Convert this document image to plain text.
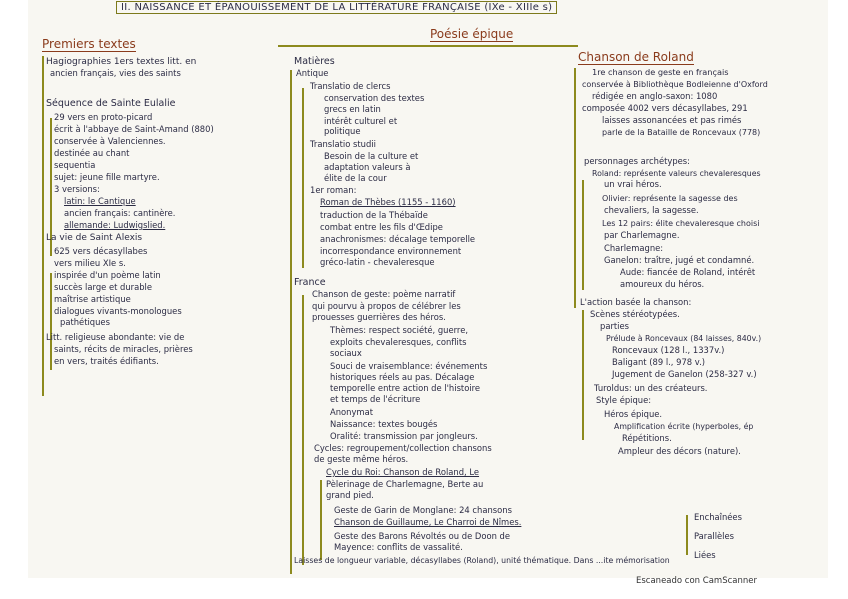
II. NAISSANCE ET ÉPANOUISSEMENT DE LA LITTÉRATURE FRANÇAISE (IXe - XIIIe s)
Premiers textes
Hagiographies 1ers textes litt. en
ancien français, vies des saints
Séquence de Sainte Eulalie
29 vers en proto-picard
écrit à l'abbaye de Saint-Amand (880)
conservée à Valenciennes.
destinée au chant
sequentia
sujet: jeune fille martyre.
3 versions:
latin: le Cantique
ancien français: cantinère.
allemande: Ludwigslied.
La vie de Saint Alexis
625 vers décasyllabes
vers milieu XIe s.
inspirée d'un poème latin
succès large et durable
maîtrise artistique
dialogues vivants-monologues
pathétiques
Litt. religieuse abondante: vie de
saints, récits de miracles, prières
en vers, traités édifiants.
Poésie épique
Matières
Antique
Translatio de clercs
conservation des textes
grecs en latin
intérêt culturel et
politique
Translatio studii
Besoin de la culture et
adaptation valeurs à
élite de la cour
1er roman:
Roman de Thèbes (1155 - 1160)
traduction de la Thébaïde
combat entre les fils d'Œdipe
anachronismes: décalage temporelle
incorrespondance environnement
gréco-latin - chevaleresque
France
Chanson de geste: poème narratif
qui pourvu à propos de célébrer les
prouesses guerrières des héros.
Thèmes: respect société, guerre,
exploits chevaleresques, conflits
sociaux
Souci de vraisemblance: événements
historiques réels au pas. Décalage
temporelle entre action de l'histoire
et temps de l'écriture
Anonymat
Naissance: textes bougés
Oralité: transmission par jongleurs.
Cycles: regroupement/collection chansons
de geste même héros.
Cycle du Roi: Chanson de Roland, Le
Pèlerinage de Charlemagne, Berte au
grand pied.
Geste de Garin de Monglane: 24 chansons
Chanson de Guillaume, Le Charroi de Nîmes.
Geste des Barons Révoltés ou de Doon de
Mayence: conflits de vassalité.
Laisses de longueur variable, décasyllabes (Roland), unité thématique. Dans ...ite mémorisation
Chanson de Roland
1re chanson de geste en français
conservée à Bibliothèque Bodleienne d'Oxford
rédigée en anglo-saxon: 1080
composée 4002 vers décasyllabes, 291
laisses assonancées et pas rimés
parle de la Bataille de Roncevaux (778)
personnages archétypes:
Roland: représente valeurs chevaleresques
un vrai héros.
Olivier: représente la sagesse des
chevaliers, la sagesse.
Les 12 pairs: élite chevaleresque choisi
par Charlemagne.
Charlemagne:
Ganelon: traître, jugé et condamné.
Aude: fiancée de Roland, intérêt
amoureux du héros.
L'action basée la chanson:
Scènes stéréotypées.
parties
Prélude à Roncevaux (84 laisses, 840v.)
Roncevaux (128 l., 1337v.)
Baligant (89 l., 978 v.)
Jugement de Ganelon (258-327 v.)
Turoldus: un des créateurs.
Style épique:
Héros épique.
Amplification écrite (hyperboles, ép
Répétitions.
Ampleur des décors (nature).
Enchaînées
Parallèles
Liées
Escaneado con CamScanner
